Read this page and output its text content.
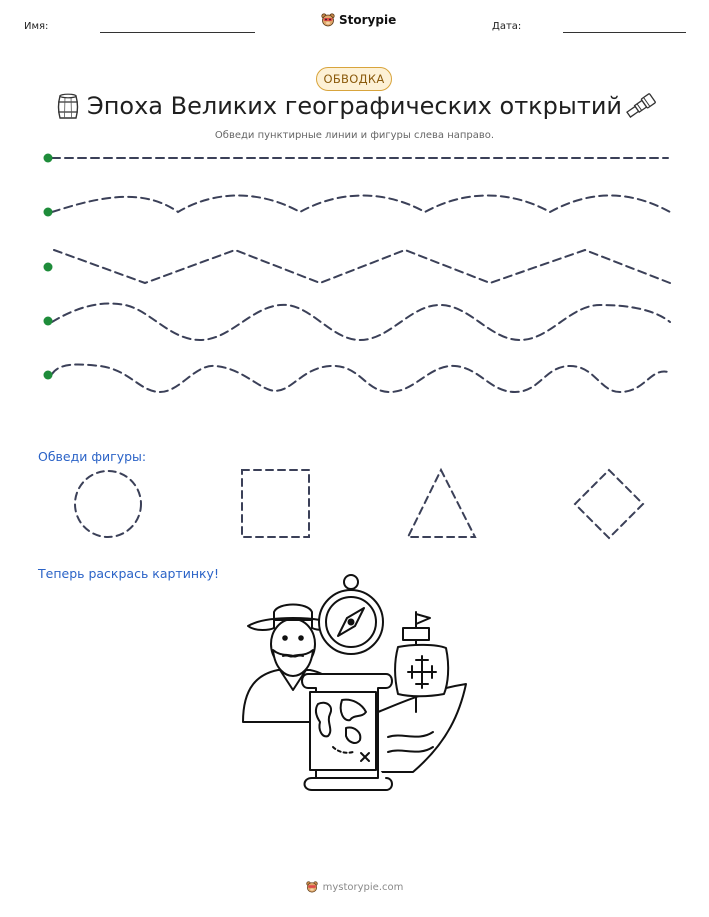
Имя:	Storypie	Дата:
ОБВОДКА
Эпоха Великих географических открытий
Обведи пунктирные линии и фигуры слева направо.
Обведи фигуры:
Теперь раскрась картинку!
mystorypie.com
